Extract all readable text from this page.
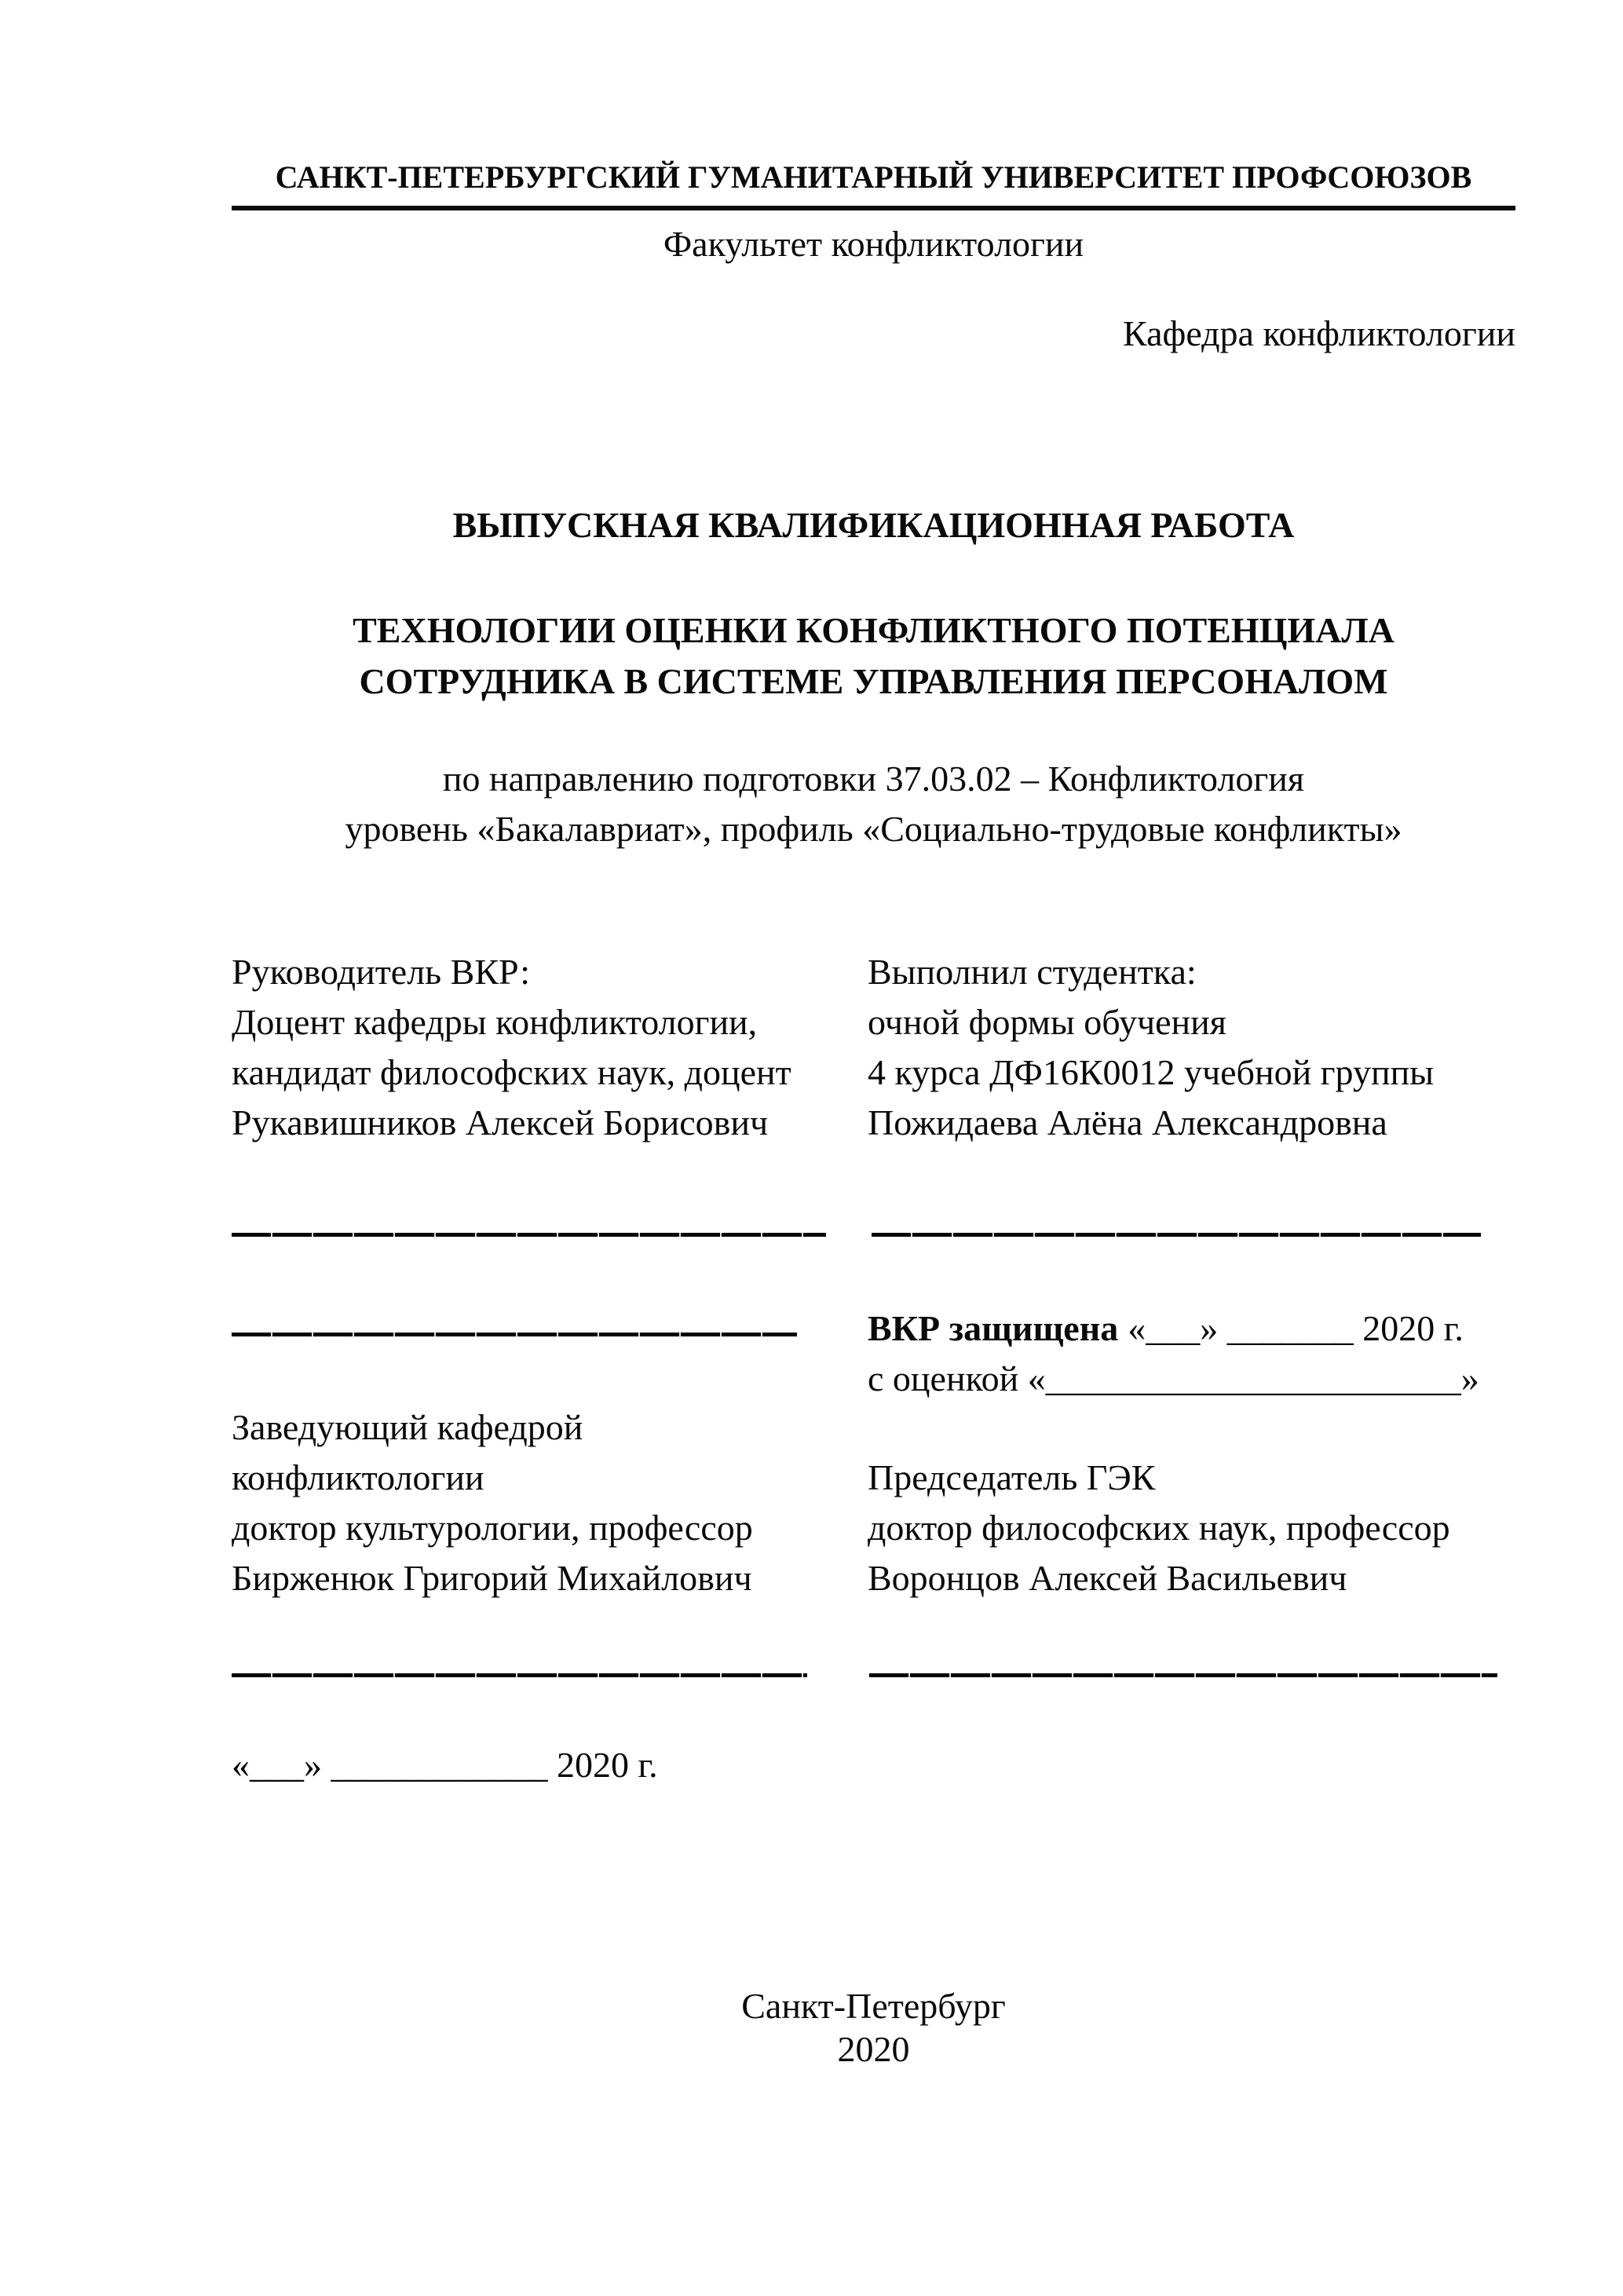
САНКТ-ПЕТЕРБУРГСКИЙ ГУМАНИТАРНЫЙ УНИВЕРСИТЕТ ПРОФСОЮЗОВ
Факультет конфликтологии
Кафедра конфликтологии
ВЫПУСКНАЯ КВАЛИФИКАЦИОННАЯ РАБОТА
ТЕХНОЛОГИИ ОЦЕНКИ КОНФЛИКТНОГО ПОТЕНЦИАЛА
СОТРУДНИКА В СИСТЕМЕ УПРАВЛЕНИЯ ПЕРСОНАЛОМ
по направлению подготовки 37.03.02 – Конфликтология
уровень «Бакалавриат», профиль «Социально-трудовые конфликты»
Руководитель ВКР:
Доцент кафедры конфликтологии,
кандидат философских наук, доцент
Рукавишников Алексей Борисович
Выполнил студентка:
очной формы обучения
4 курса ДФ16К0012 учебной группы
Пожидаева Алёна Александровна
ВКР защищена «___» _______ 2020 г.
с оценкой «_______________________»
Заведующий кафедрой
конфликтологии
доктор культурологии, профессор
Бирженюк Григорий Михайлович
Председатель ГЭК
доктор философских наук, профессор
Воронцов Алексей Васильевич
«___» ____________ 2020 г.
Санкт-Петербург
2020
